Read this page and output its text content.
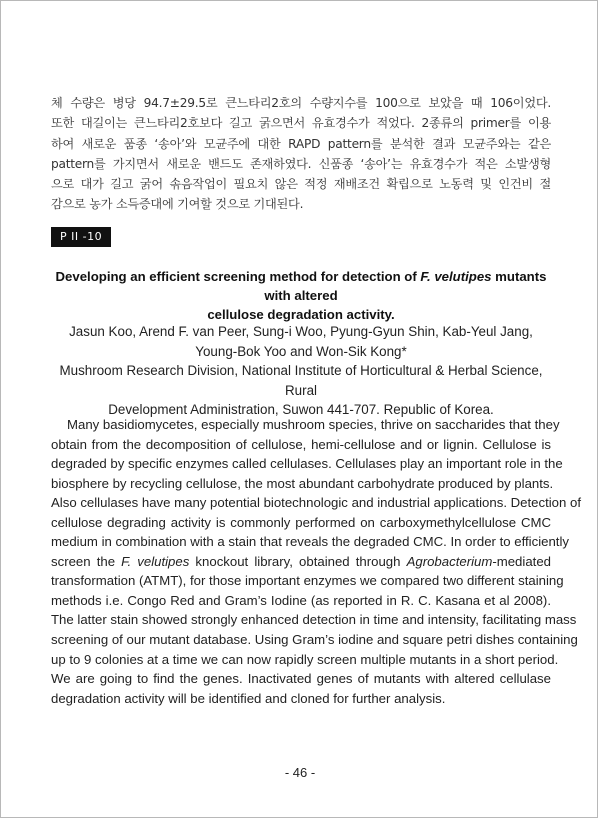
체 수량은 병당 94.7±29.5로 큰느타리2호의 수량지수를 100으로 보았을 때 106이었다.
또한 대길이는 큰느타리2호보다 길고 굵으면서 유효경수가 적었다. 2종류의 primer를 이용
하여 새로운 품종 ‘송아’와 모균주에 대한 RAPD pattern를 분석한 결과 모균주와는 같은
pattern를 가지면서 새로운 밴드도 존재하였다. 신품종 ‘송아’는 유효경수가 적은 소발생형
으로 대가 길고 굵어 솎음작업이 필요치 않은 적정 재배조건 확립으로 노동력 및 인건비 절
감으로 농가 소득증대에 기여할 것으로 기대된다.
P II -10
Developing an efficient screening method for detection of F. velutipes mutants with altered
cellulose degradation activity.
Jasun Koo, Arend F. van Peer, Sung-i Woo, Pyung-Gyun Shin, Kab-Yeul Jang,
Young-Bok Yoo and Won-Sik Kong*
Mushroom Research Division, National Institute of Horticultural & Herbal Science, Rural
Development Administration, Suwon 441-707. Republic of Korea.
Many basidiomycetes, especially mushroom species, thrive on saccharides that they
obtain from the decomposition of cellulose, hemi-cellulose and or lignin. Cellulose is
degraded by specific enzymes called cellulases. Cellulases play an important role in the
biosphere by recycling cellulose, the most abundant carbohydrate produced by plants.
Also cellulases have many potential biotechnologic and industrial applications. Detection of
cellulose degrading activity is commonly performed on carboxymethylcellulose CMC
medium in combination with a stain that reveals the degraded CMC. In order to efficiently
screen the F. velutipes knockout library, obtained through Agrobacterium-mediated
transformation (ATMT), for those important enzymes we compared two different staining
methods i.e. Congo Red and Gram’s Iodine (as reported in R. C. Kasana et al 2008).
The latter stain showed strongly enhanced detection in time and intensity, facilitating mass
screening of our mutant database. Using Gram’s iodine and square petri dishes containing
up to 9 colonies at a time we can now rapidly screen multiple mutants in a short period.
We are going to find the genes. Inactivated genes of mutants with altered cellulase
degradation activity will be identified and cloned for further analysis.
- 46 -
